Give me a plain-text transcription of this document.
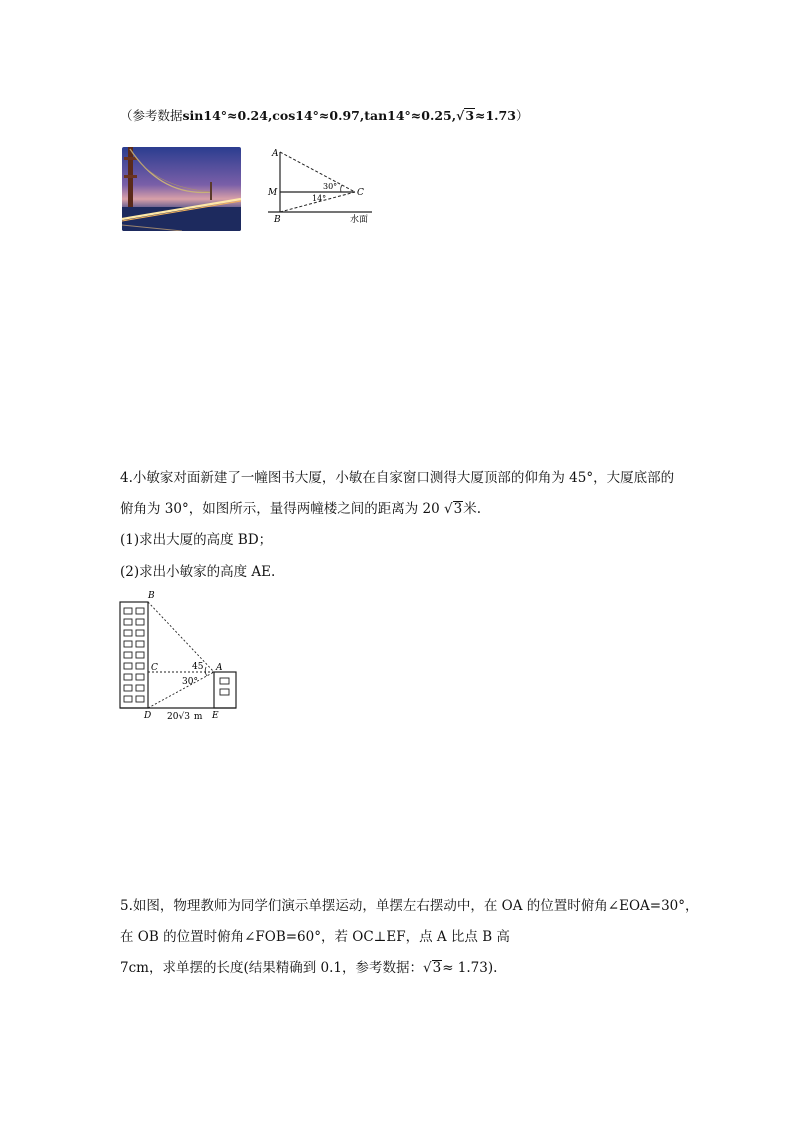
（参考数据sin14°≈0.24,cos14°≈0.97,tan14°≈0.25,√3≈1.73）
A
M
B
C
30°
14°
水面
4.小敏家对面新建了一幢图书大厦，小敏在自家窗口测得大厦顶部的仰角为 45°，大厦底部的
俯角为 30°，如图所示，量得两幢楼之间的距离为 20 √3米.
(1)求出大厦的高度 BD；
(2)求出小敏家的高度 AE.
B
C	A
D	E
45
30°
20√3 m
5.如图，物理教师为同学们演示单摆运动，单摆左右摆动中，在 OA 的位置时俯角∠EOA=30°，
在 OB 的位置时俯角∠FOB=60°，若 OC⊥EF，点 A 比点 B 高
7cm，求单摆的长度(结果精确到 0.1，参考数据：√3≈ 1.73).
